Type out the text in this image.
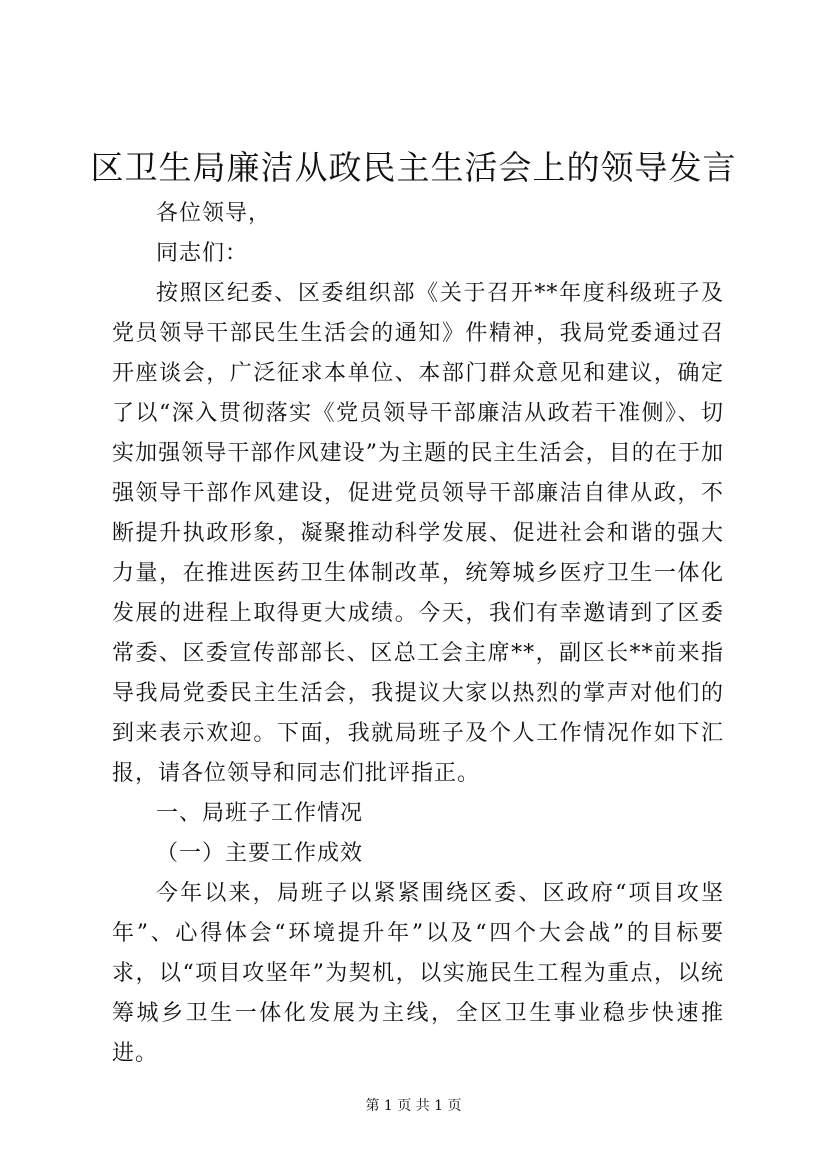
区卫生局廉洁从政民主生活会上的领导发言

各位领导，

同志们：

按照区纪委、区委组织部《关于召开**年度科级班子及党员领导干部民生生活会的通知》件精神，我局党委通过召开座谈会，广泛征求本单位、本部门群众意见和建议，确定了以“深入贯彻落实《党员领导干部廉洁从政若干准侧》、切实加强领导干部作风建设”为主题的民主生活会，目的在于加强领导干部作风建设，促进党员领导干部廉洁自律从政，不断提升执政形象，凝聚推动科学发展、促进社会和谐的强大力量，在推进医药卫生体制改革，统筹城乡医疗卫生一体化发展的进程上取得更大成绩。今天，我们有幸邀请到了区委常委、区委宣传部部长、区总工会主席**，副区长**前来指导我局党委民主生活会，我提议大家以热烈的掌声对他们的到来表示欢迎。下面，我就局班子及个人工作情况作如下汇报，请各位领导和同志们批评指正。

一、局班子工作情况

（一）主要工作成效

今年以来，局班子以紧紧围绕区委、区政府“项目攻坚年”、心得体会“环境提升年”以及“四个大会战”的目标要求，以“项目攻坚年”为契机，以实施民生工程为重点，以统筹城乡卫生一体化发展为主线，全区卫生事业稳步快速推进。

第 1 页 共 1 页
